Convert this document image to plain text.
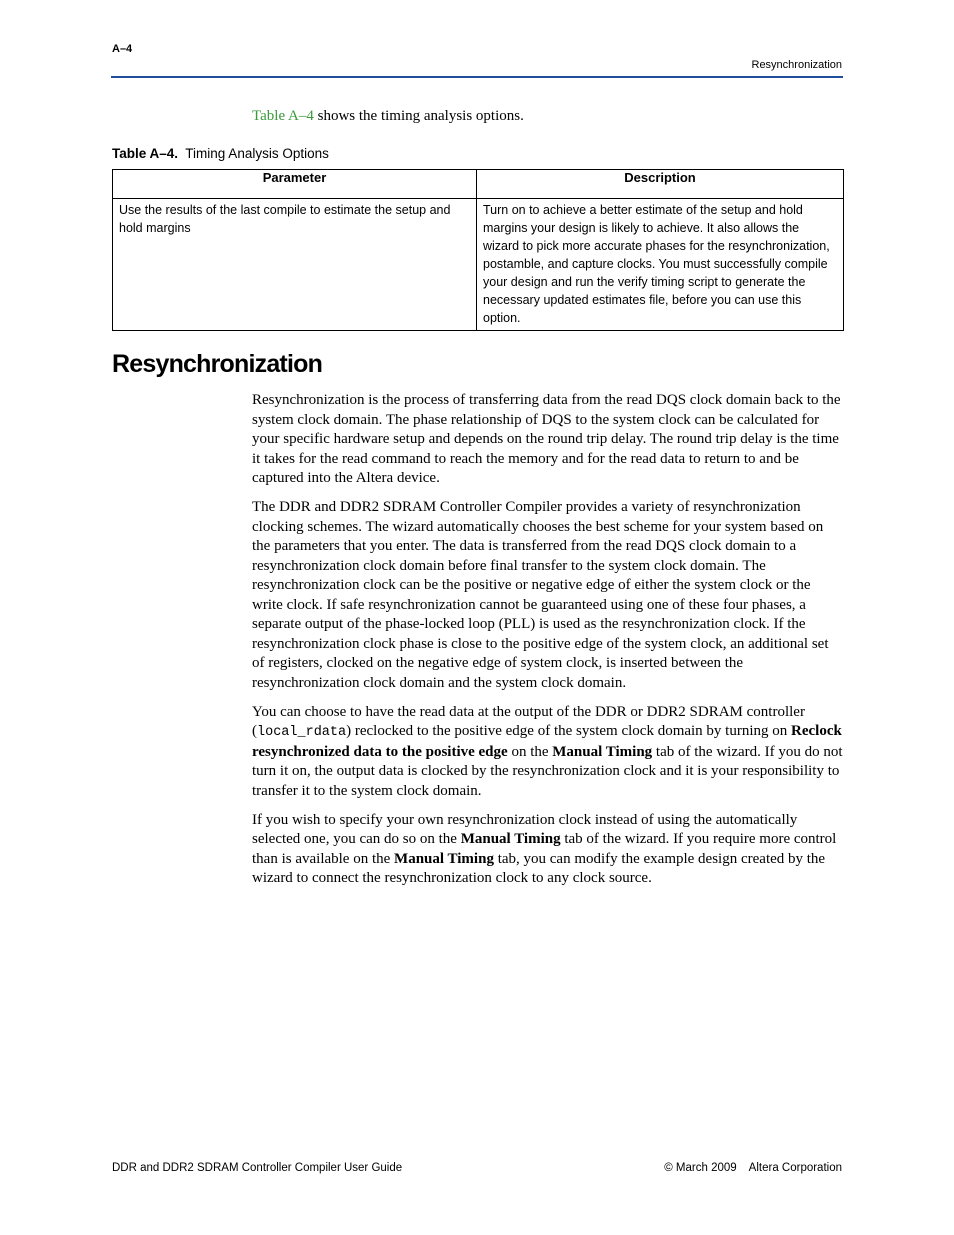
A–4
Resynchronization
Table A–4 shows the timing analysis options.
Table A–4. Timing Analysis Options
Parameter	Description
Use the results of the last compile to estimate the setup and hold margins	Turn on to achieve a better estimate of the setup and hold margins your design is likely to achieve. It also allows the wizard to pick more accurate phases for the resynchronization, postamble, and capture clocks. You must successfully compile your design and run the verify timing script to generate the necessary updated estimates file, before you can use this option.
Resynchronization

Resynchronization is the process of transferring data from the read DQS clock domain back to the system clock domain. The phase relationship of DQS to the system clock can be calculated for your specific hardware setup and depends on the round trip delay. The round trip delay is the time it takes for the read command to reach the memory and for the read data to return to and be captured into the Altera device.

The DDR and DDR2 SDRAM Controller Compiler provides a variety of resynchronization clocking schemes. The wizard automatically chooses the best scheme for your system based on the parameters that you enter. The data is transferred from the read DQS clock domain to a resynchronization clock domain before final transfer to the system clock domain. The resynchronization clock can be the positive or negative edge of either the system clock or the write clock. If safe resynchronization cannot be guaranteed using one of these four phases, a separate output of the phase-locked loop (PLL) is used as the resynchronization clock. If the resynchronization clock phase is close to the positive edge of the system clock, an additional set of registers, clocked on the negative edge of system clock, is inserted between the resynchronization clock domain and the system clock domain.

You can choose to have the read data at the output of the DDR or DDR2 SDRAM controller (local_rdata) reclocked to the positive edge of the system clock domain by turning on Reclock resynchronized data to the positive edge on the Manual Timing tab of the wizard. If you do not turn it on, the output data is clocked by the resynchronization clock and it is your responsibility to transfer it to the system clock domain.

If you wish to specify your own resynchronization clock instead of using the automatically selected one, you can do so on the Manual Timing tab of the wizard. If you require more control than is available on the Manual Timing tab, you can modify the example design created by the wizard to connect the resynchronization clock to any clock source.

DDR and DDR2 SDRAM Controller Compiler User Guide	© March 2009 Altera Corporation
